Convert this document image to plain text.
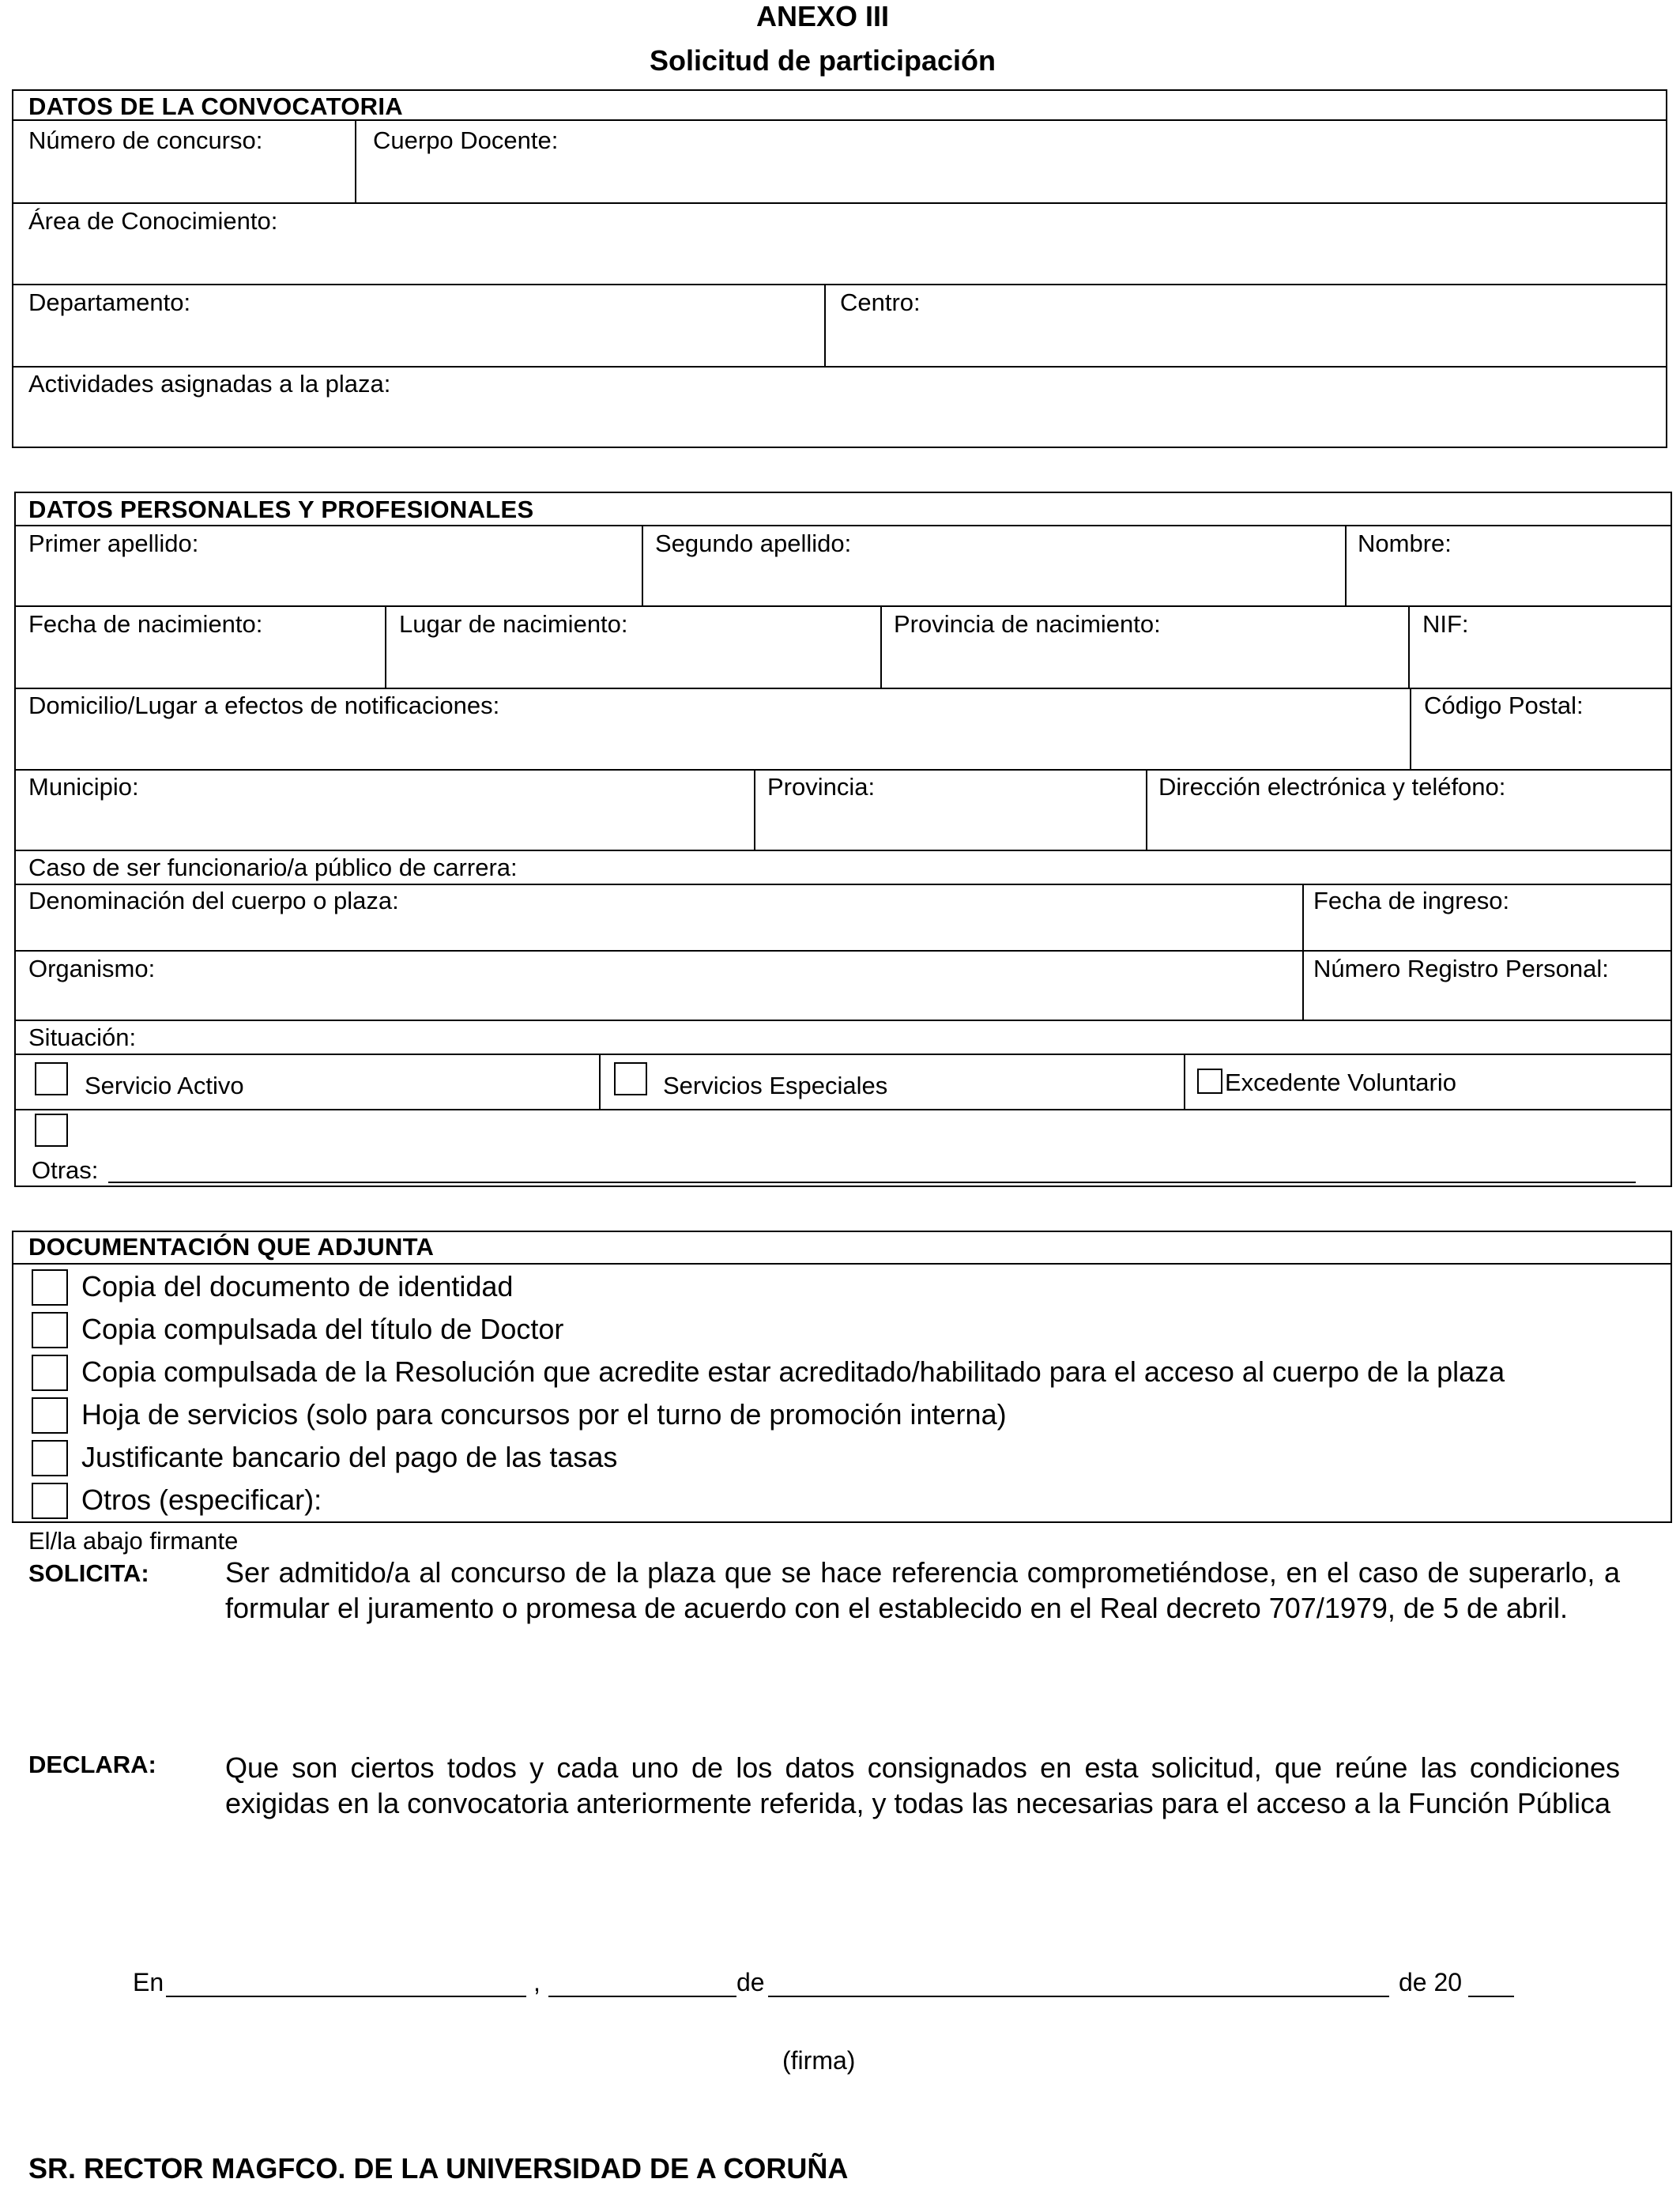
ANEXO III
Solicitud de participación
DATOS DE LA CONVOCATORIA
Número de concurso:	Cuerpo Docente:
Área de Conocimiento:
Departamento:	Centro:
Actividades asignadas a la plaza:
DATOS PERSONALES Y PROFESIONALES
Primer apellido:	Segundo apellido:	Nombre:
Fecha de nacimiento:	Lugar de nacimiento:	Provincia de nacimiento:	NIF:
Domicilio/Lugar a efectos de notificaciones:	Código Postal:
Municipio:	Provincia:	Dirección electrónica y teléfono:
Caso de ser funcionario/a público de carrera:
Denominación del cuerpo o plaza:	Fecha de ingreso:
Organismo:	Número Registro Personal:
Situación:
Servicio Activo	Servicios Especiales	Excedente Voluntario
Otras:
DOCUMENTACIÓN QUE ADJUNTA
Copia del documento de identidad
Copia compulsada del título de Doctor
Copia compulsada de la Resolución que acredite estar acreditado/habilitado para el acceso al cuerpo de la plaza
Hoja de servicios (solo para concursos por el turno de promoción interna)
Justificante bancario del pago de las tasas
Otros (especificar):
El/la abajo firmante
SOLICITA:	Ser admitido/a al concurso de la plaza que se hace referencia comprometiéndose, en el caso de superarlo, a formular el juramento o promesa de acuerdo con el establecido en el Real decreto 707/1979, de 5 de abril.
DECLARA: Que son ciertos todos y cada uno de los datos consignados en esta solicitud, que reúne las condiciones exigidas en la convocatoria anteriormente referida, y todas las necesarias para el acceso a la Función Pública
En	,	de	de 20
(firma)
SR. RECTOR MAGFCO. DE LA UNIVERSIDAD DE A CORUÑA
